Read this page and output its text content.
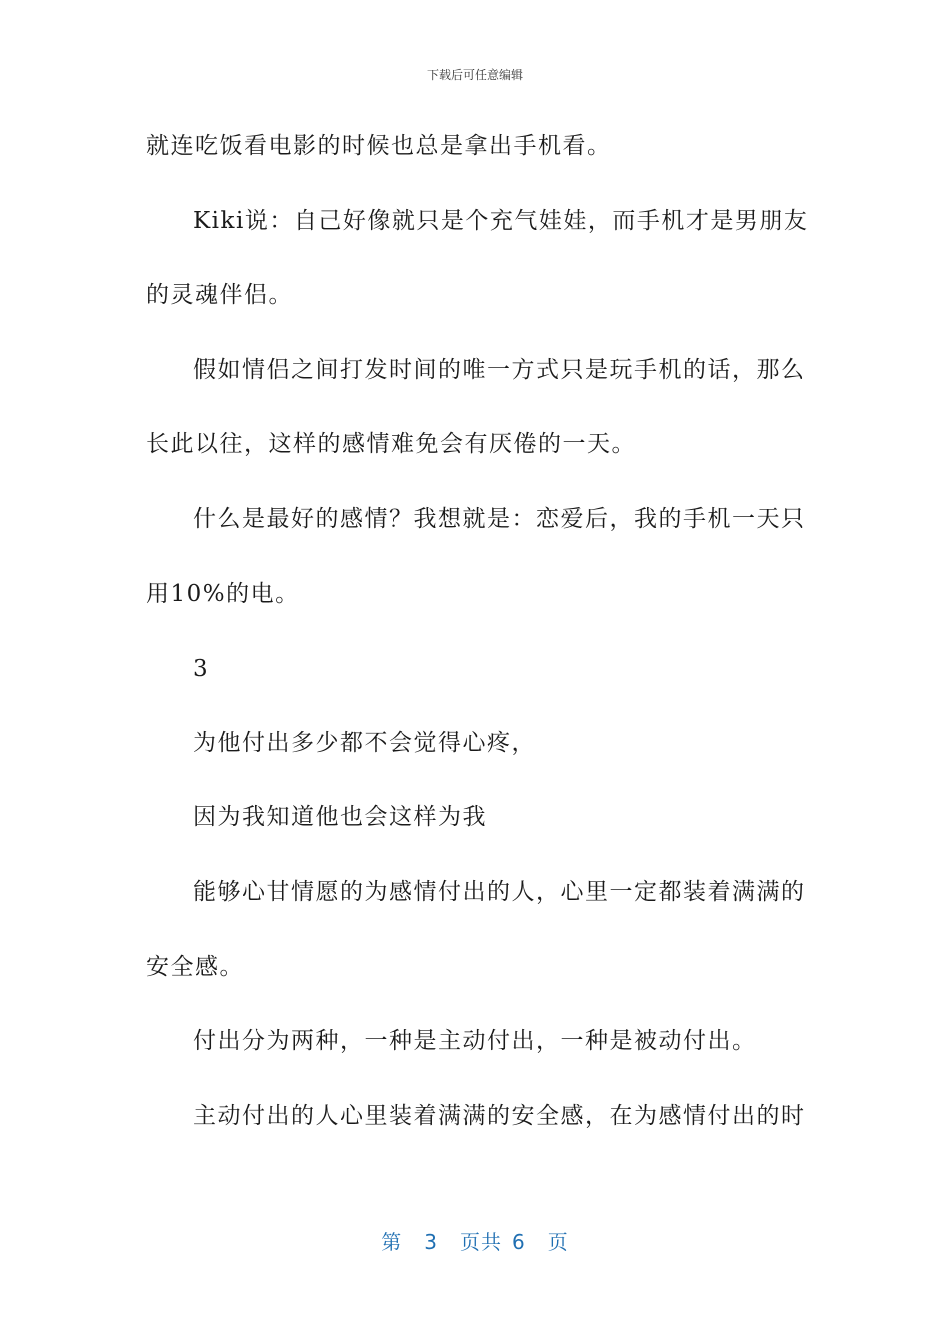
下载后可任意编辑
就连吃饭看电影的时候也总是拿出手机看。
Kiki说：自己好像就只是个充气娃娃，而手机才是男朋友
的灵魂伴侣。
假如情侣之间打发时间的唯一方式只是玩手机的话，那么
长此以往，这样的感情难免会有厌倦的一天。
什么是最好的感情？我想就是：恋爱后，我的手机一天只
用10%的电。
3
为他付出多少都不会觉得心疼，
因为我知道他也会这样为我
能够心甘情愿的为感情付出的人，心里一定都装着满满的
安全感。
付出分为两种，一种是主动付出，一种是被动付出。
主动付出的人心里装着满满的安全感，在为感情付出的时
第 3 页共 6 页
